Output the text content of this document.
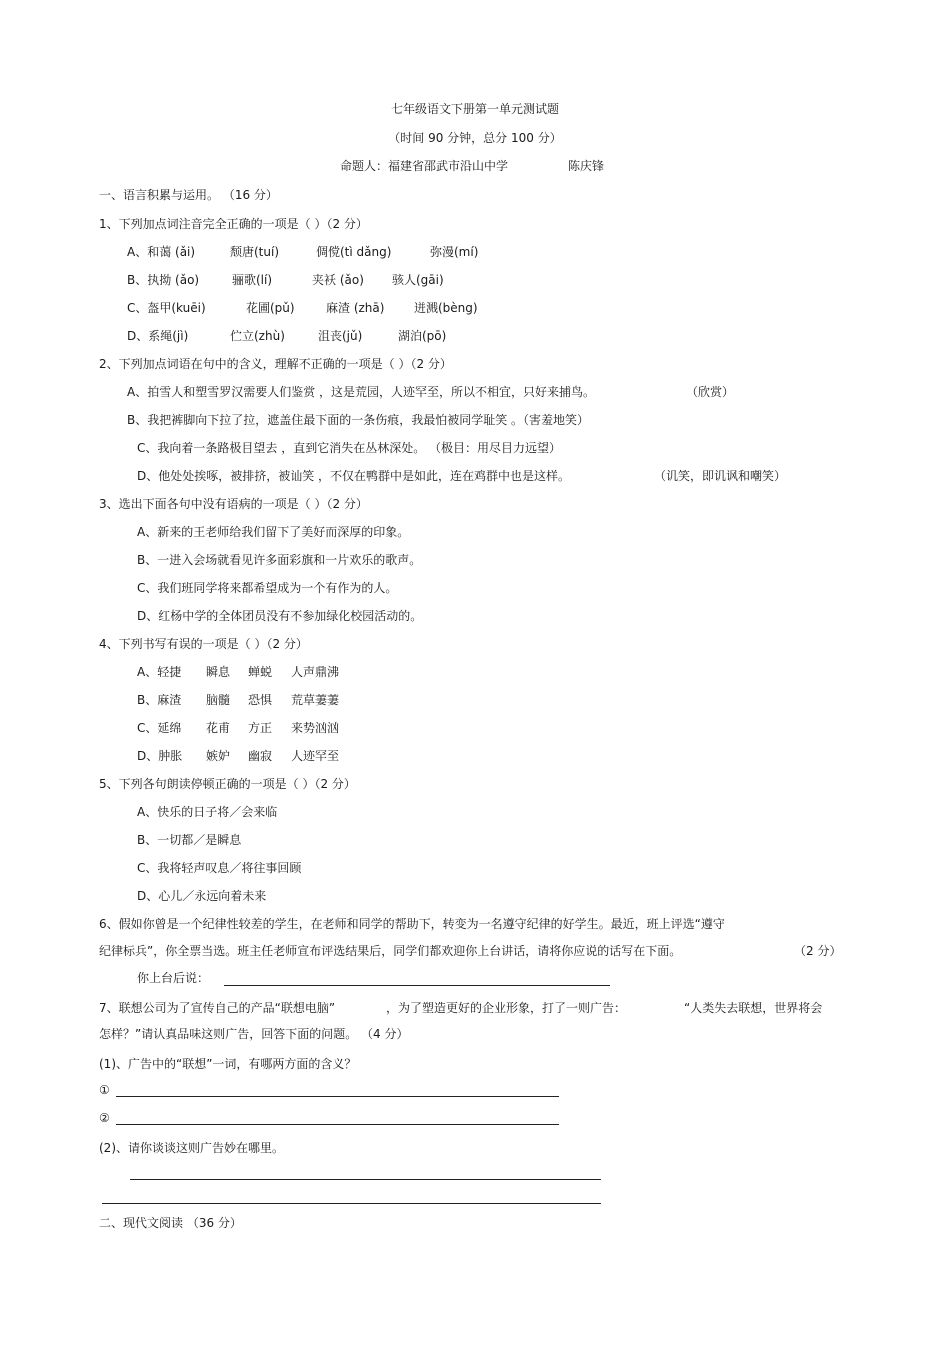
七年级语文下册第一单元测试题
（时间 90 分钟，总分 100 分）
命题人：福建省邵武市沿山中学	陈庆锋
一、语言积累与运用。 （16 分）
1、下列加点词注音完全正确的一项是（ ）（2 分）
A、和蔼 (ǎi)	颓唐(tuí)	倜傥(tì dǎng)	弥漫(mí)
B、执拗 (ǎo)	骊歌(lí)	夹袄 (ǎo) 骇人(gāi)
C、盔甲(kuēi)	花圃(pǔ)	麻渣 (zhā) 迸溅(bèng)
D、系绳(jì)	伫立(zhù)	沮丧(jǔ)	湖泊(pō)
2、下列加点词语在句中的含义，理解不正确的一项是（ ）（2 分）
A、拍雪人和塑雪罗汉需要人们鉴赏 ，这是荒园，人迹罕至，所以不相宜，只好来捕鸟。	（欣赏）
B、我把裤脚向下拉了拉，遮盖住最下面的一条伤痕，我最怕被同学耻笑 。（害羞地笑）
C、我向着一条路极目望去 ，直到它消失在丛林深处。 （极目：用尽目力远望）
D、他处处挨啄，被排挤，被讪笑 ，不仅在鸭群中是如此，连在鸡群中也是这样。	（讥笑，即讥讽和嘲笑）
3、选出下面各句中没有语病的一项是（ ）（2 分）
A、新来的王老师给我们留下了美好而深厚的印象。
B、一进入会场就看见许多面彩旗和一片欢乐的歌声。
C、我们班同学将来都希望成为一个有作为的人。
D、红杨中学的全体团员没有不参加绿化校园活动的。
4、下列书写有误的一项是（ ）（2 分）
A、轻捷 瞬息 蝉蜕 人声鼎沸
B、麻渣 脑髓 恐惧 荒草萋萋
C、延绵 花甫 方正 来势汹汹
D、肿胀 嫉妒 幽寂 人迹罕至
5、下列各句朗读停顿正确的一项是（ ）（2 分）
A、快乐的日子将／会来临
B、一切都／是瞬息
C、我将轻声叹息／将往事回顾
D、心儿／永远向着未来
6、假如你曾是一个纪律性较差的学生，在老师和同学的帮助下，转变为一名遵守纪律的好学生。最近，班上评选“遵守
纪律标兵”，你全票当选。班主任老师宣布评选结果后，同学们都欢迎你上台讲话，请将你应说的话写在下面。	（2 分）
你上台后说：
7、联想公司为了宣传自己的产品“联想电脑”	，为了塑造更好的企业形象，打了一则广告：	“人类失去联想，世界将会
怎样？”请认真品味这则广告，回答下面的问题。 （4 分）
(1)、广告中的“联想”一词，有哪两方面的含义？
①
②
(2)、请你谈谈这则广告妙在哪里。
二、现代文阅读 （36 分）
